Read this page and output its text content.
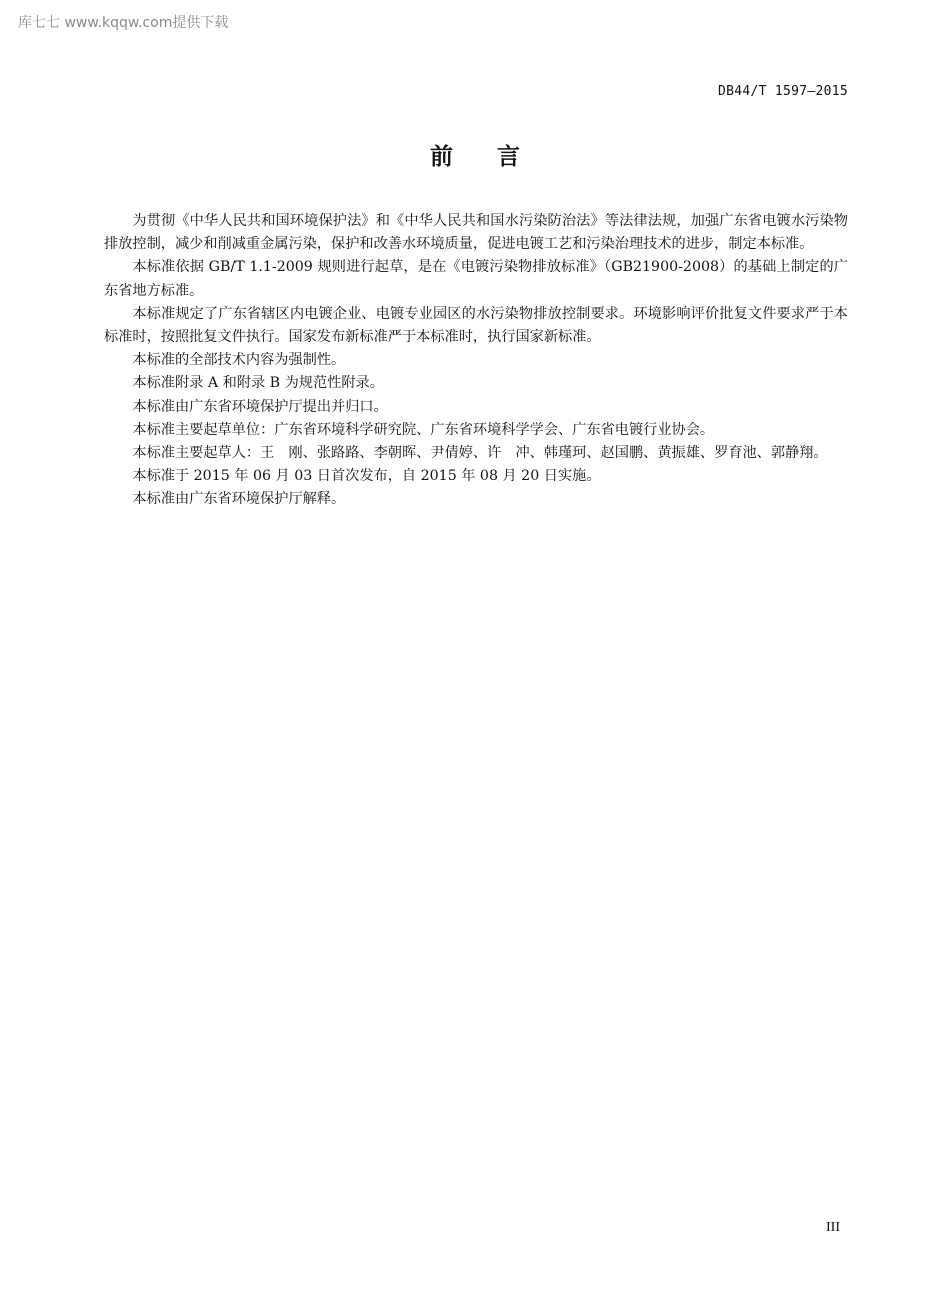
库七七 www.kqqw.com提供下载
DB44/T 1597—2015
前言

为贯彻《中华人民共和国环境保护法》和《中华人民共和国水污染防治法》等法律法规，加强广东省电镀水污染物排放控制，减少和削减重金属污染，保护和改善水环境质量，促进电镀工艺和污染治理技术的进步，制定本标准。

本标准依据 GB/T 1.1-2009 规则进行起草，是在《电镀污染物排放标准》（GB21900-2008）的基础上制定的广东省地方标准。

本标准规定了广东省辖区内电镀企业、电镀专业园区的水污染物排放控制要求。环境影响评价批复文件要求严于本标准时，按照批复文件执行。国家发布新标准严于本标准时，执行国家新标准。

本标准的全部技术内容为强制性。

本标准附录 A 和附录 B 为规范性附录。

本标准由广东省环境保护厅提出并归口。

本标准主要起草单位：广东省环境科学研究院、广东省环境科学学会、广东省电镀行业协会。

本标准主要起草人：王　刚、张路路、李朝晖、尹倩婷、许　冲、韩瑾珂、赵国鹏、黄振雄、罗育池、郭静翔。

本标准于 2015 年 06 月 03 日首次发布，自 2015 年 08 月 20 日实施。

本标准由广东省环境保护厅解释。

III
